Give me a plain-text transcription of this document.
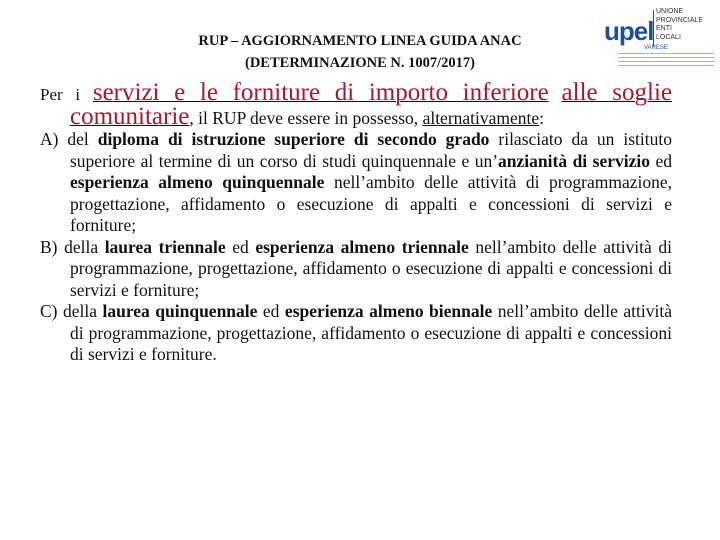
RUP – AGGIORNAMENTO LINEA GUIDA ANAC
(DETERMINAZIONE N. 1007/2017)
upel
UNIONE
PROVINCIALE
ENTI
LOCALI
VARESE

Per i servizi e le forniture di importo inferiore alle soglie comunitarie, il RUP deve essere in possesso, alternativamente:

A) del diploma di istruzione superiore di secondo grado rilasciato da un istituto superiore al termine di un corso di studi quinquennale e un’anzianità di servizio ed esperienza almeno quinquennale nell’ambito delle attività di programmazione, progettazione, affidamento o esecuzione di appalti e concessioni di servizi e forniture;

B) della laurea triennale ed esperienza almeno triennale nell’ambito delle attività di programmazione, progettazione, affidamento o esecuzione di appalti e concessioni di servizi e forniture;

C) della laurea quinquennale ed esperienza almeno biennale nell’ambito delle attività di programmazione, progettazione, affidamento o esecuzione di appalti e concessioni di servizi e forniture.
